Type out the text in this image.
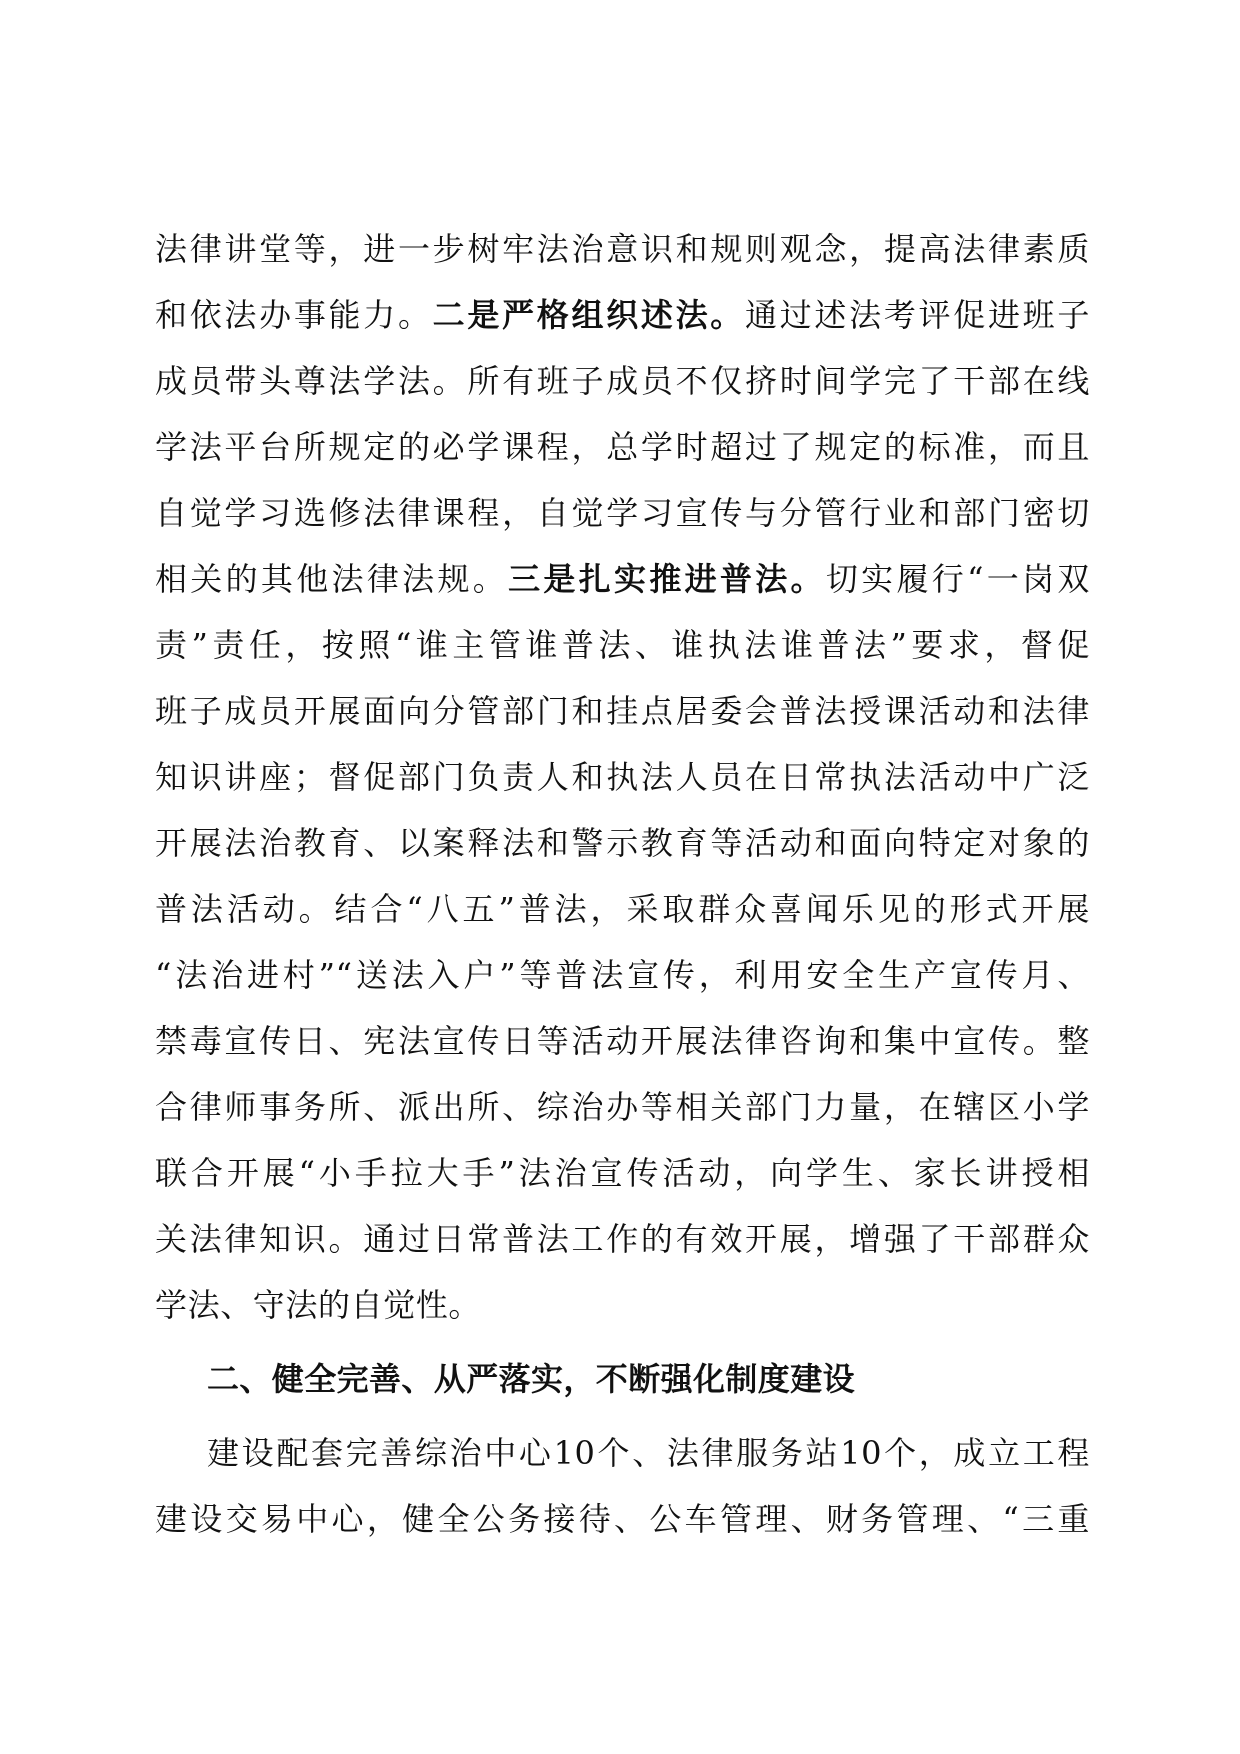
法律讲堂等，进一步树牢法治意识和规则观念，提高法律素质
和依法办事能力。二是严格组织述法。通过述法考评促进班子
成员带头尊法学法。所有班子成员不仅挤时间学完了干部在线
学法平台所规定的必学课程，总学时超过了规定的标准，而且
自觉学习选修法律课程，自觉学习宣传与分管行业和部门密切
相关的其他法律法规。三是扎实推进普法。切实履行“一岗双
责”责任，按照“谁主管谁普法、谁执法谁普法”要求，督促
班子成员开展面向分管部门和挂点居委会普法授课活动和法律
知识讲座；督促部门负责人和执法人员在日常执法活动中广泛
开展法治教育、以案释法和警示教育等活动和面向特定对象的
普法活动。结合“八五”普法，采取群众喜闻乐见的形式开展
“法治进村”“送法入户”等普法宣传，利用安全生产宣传月、
禁毒宣传日、宪法宣传日等活动开展法律咨询和集中宣传。整
合律师事务所、派出所、综治办等相关部门力量，在辖区小学
联合开展“小手拉大手”法治宣传活动，向学生、家长讲授相
关法律知识。通过日常普法工作的有效开展，增强了干部群众
学法、守法的自觉性。
二、健全完善、从严落实，不断强化制度建设
建设配套完善综治中心10个、法律服务站10个，成立工程
建设交易中心，健全公务接待、公车管理、财务管理、“三重
